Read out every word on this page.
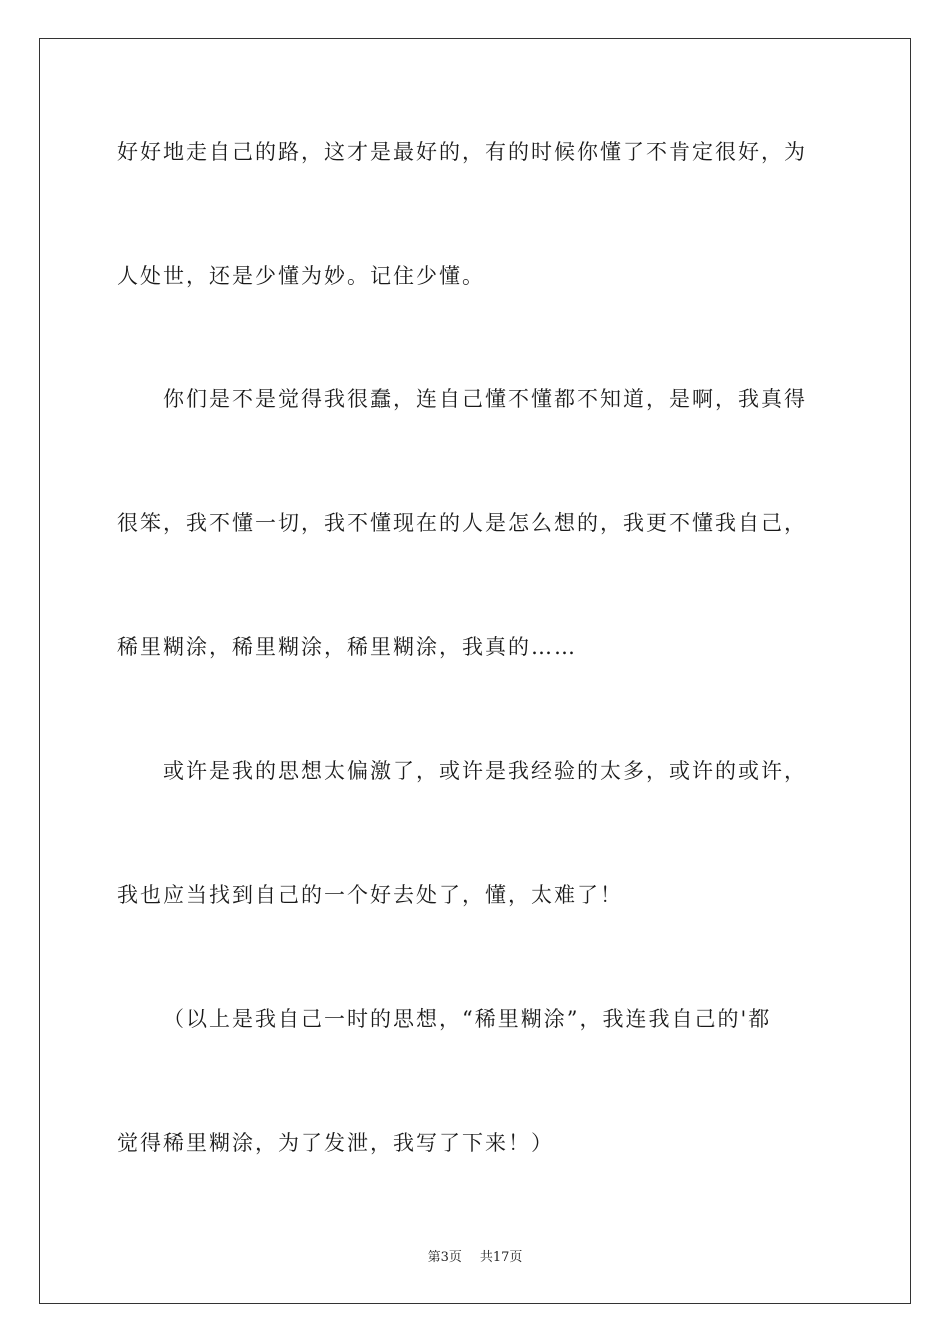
好好地走自己的路，这才是最好的，有的时候你懂了不肯定很好，为
人处世，还是少懂为妙。记住少懂。
你们是不是觉得我很蠢，连自己懂不懂都不知道，是啊，我真得
很笨，我不懂一切，我不懂现在的人是怎么想的，我更不懂我自己，
稀里糊涂，稀里糊涂，稀里糊涂，我真的……
或许是我的思想太偏激了，或许是我经验的太多，或许的或许，
我也应当找到自己的一个好去处了，懂，太难了！
（以上是我自己一时的思想，“稀里糊涂”，我连我自己的'都
觉得稀里糊涂，为了发泄，我写了下来！）
第3页 共17页
